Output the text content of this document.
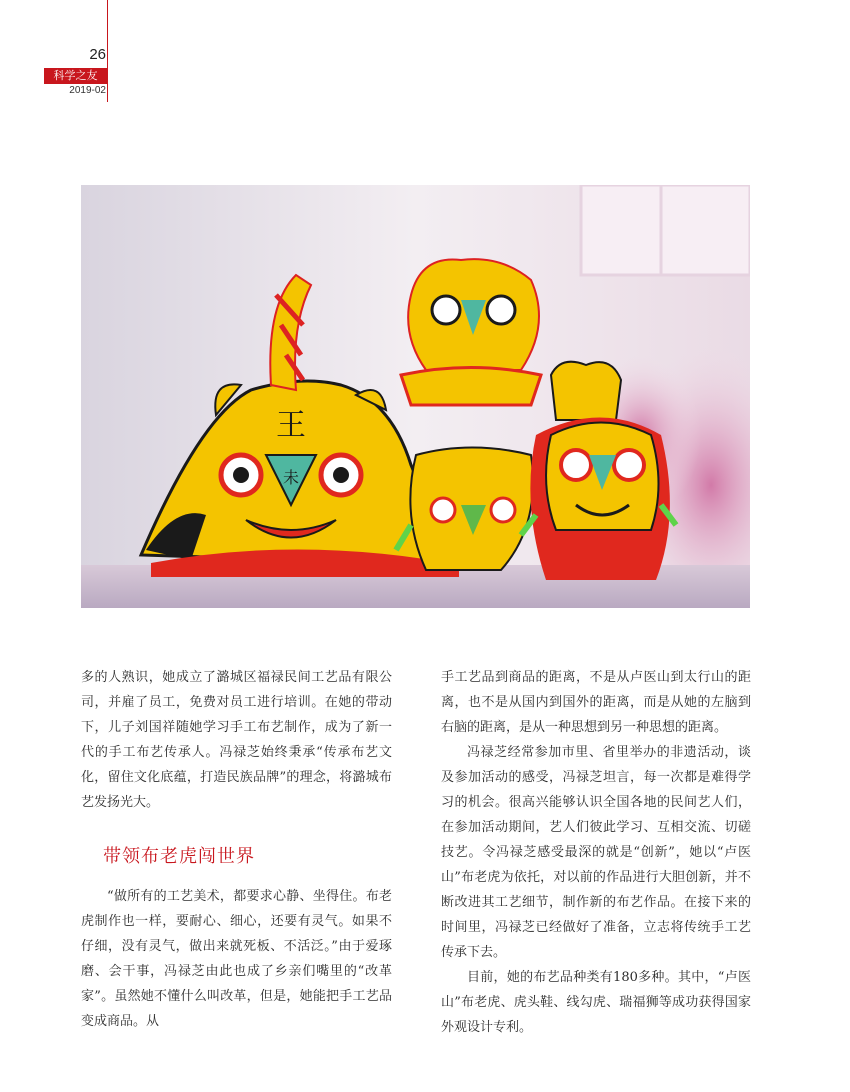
26
科学之友
2019-02
王
未

多的人熟识，她成立了潞城区福禄民间工艺品有限公司，并雇了员工，免费对员工进行培训。在她的带动下，儿子刘国祥随她学习手工布艺制作，成为了新一代的手工布艺传承人。冯禄芝始终秉承“传承布艺文化，留住文化底蕴，打造民族品牌”的理念，将潞城布艺发扬光大。

带领布老虎闯世界

“做所有的工艺美术，都要求心静、坐得住。布老虎制作也一样，要耐心、细心，还要有灵气。如果不仔细，没有灵气，做出来就死板、不活泛。”由于爱琢磨、会干事，冯禄芝由此也成了乡亲们嘴里的“改革家”。虽然她不懂什么叫改革，但是，她能把手工艺品变成商品。从

手工艺品到商品的距离，不是从卢医山到太行山的距离，也不是从国内到国外的距离，而是从她的左脑到右脑的距离，是从一种思想到另一种思想的距离。

冯禄芝经常参加市里、省里举办的非遗活动，谈及参加活动的感受，冯禄芝坦言，每一次都是难得学习的机会。很高兴能够认识全国各地的民间艺人们，在参加活动期间，艺人们彼此学习、互相交流、切磋技艺。令冯禄芝感受最深的就是“创新”，她以“卢医山”布老虎为依托，对以前的作品进行大胆创新，并不断改进其工艺细节，制作新的布艺作品。在接下来的时间里，冯禄芝已经做好了准备，立志将传统手工艺传承下去。

目前，她的布艺品种类有180多种。其中，“卢医山”布老虎、虎头鞋、线勾虎、瑞福狮等成功获得国家外观设计专利。
